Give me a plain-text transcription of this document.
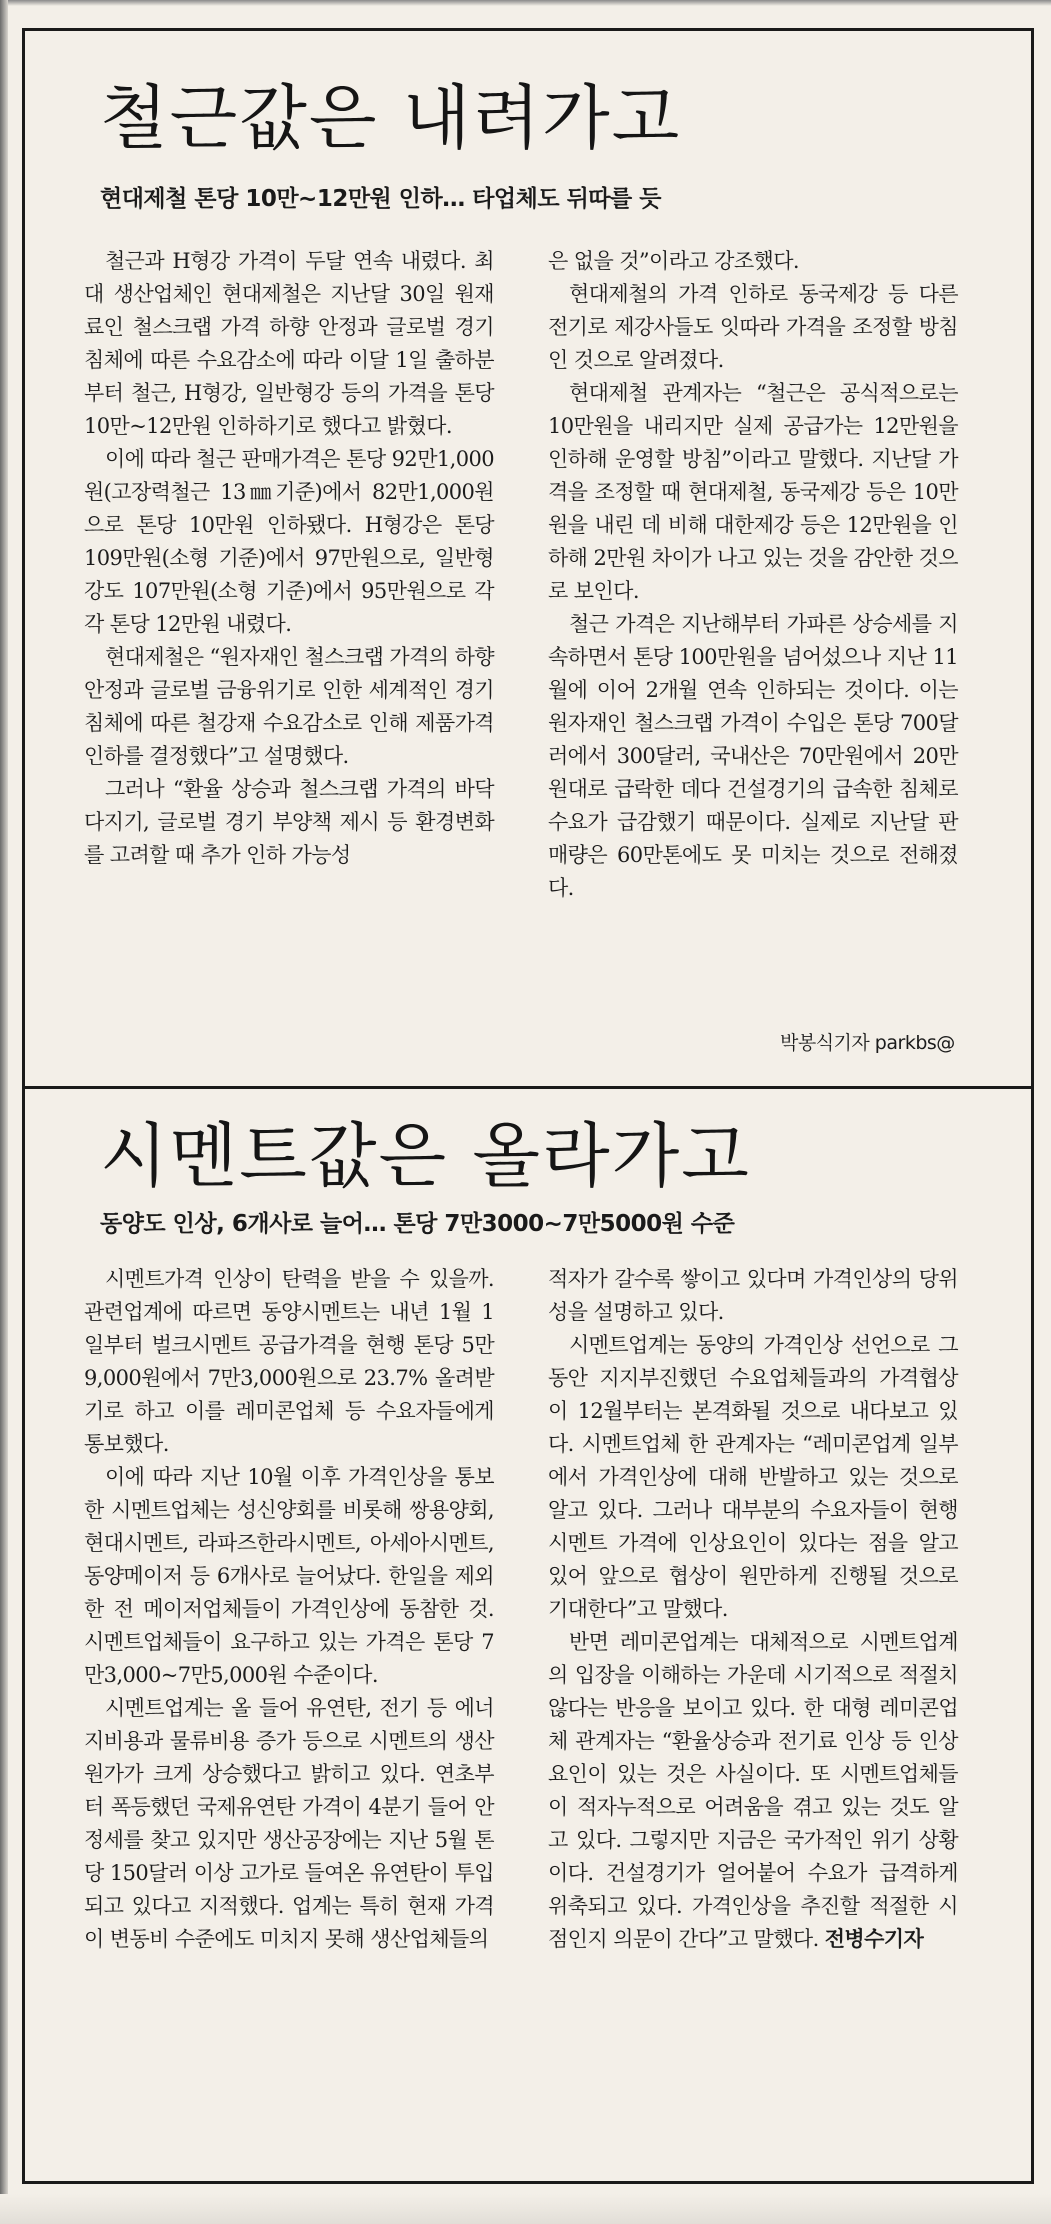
철근값은 내려가고
현대제철 톤당 10만~12만원 인하… 타업체도 뒤따를 듯

철근과 H형강 가격이 두달 연속 내렸다. 최대 생산업체인 현대제철은 지난달 30일 원재료인 철스크랩 가격 하향 안정과 글로벌 경기 침체에 따른 수요감소에 따라 이달 1일 출하분부터 철근, H형강, 일반형강 등의 가격을 톤당 10만~12만원 인하하기로 했다고 밝혔다.

이에 따라 철근 판매가격은 톤당 92만1,000원(고장력철근 13㎜기준)에서 82만1,000원으로 톤당 10만원 인하됐다. H형강은 톤당 109만원(소형 기준)에서 97만원으로, 일반형강도 107만원(소형 기준)에서 95만원으로 각각 톤당 12만원 내렸다.

현대제철은 “원자재인 철스크랩 가격의 하향 안정과 글로벌 금융위기로 인한 세계적인 경기 침체에 따른 철강재 수요감소로 인해 제품가격 인하를 결정했다”고 설명했다.

그러나 “환율 상승과 철스크랩 가격의 바닥다지기, 글로벌 경기 부양책 제시 등 환경변화를 고려할 때 추가 인하 가능성

은 없을 것”이라고 강조했다.

현대제철의 가격 인하로 동국제강 등 다른 전기로 제강사들도 잇따라 가격을 조정할 방침인 것으로 알려졌다.

현대제철 관계자는 “철근은 공식적으로는 10만원을 내리지만 실제 공급가는 12만원을 인하해 운영할 방침”이라고 말했다. 지난달 가격을 조정할 때 현대제철, 동국제강 등은 10만원을 내린 데 비해 대한제강 등은 12만원을 인하해 2만원 차이가 나고 있는 것을 감안한 것으로 보인다.

철근 가격은 지난해부터 가파른 상승세를 지속하면서 톤당 100만원을 넘어섰으나 지난 11월에 이어 2개월 연속 인하되는 것이다. 이는 원자재인 철스크랩 가격이 수입은 톤당 700달러에서 300달러, 국내산은 70만원에서 20만원대로 급락한 데다 건설경기의 급속한 침체로 수요가 급감했기 때문이다. 실제로 지난달 판매량은 60만톤에도 못 미치는 것으로 전해졌다.

박봉식기자 parkbs@
시멘트값은 올라가고
동양도 인상, 6개사로 늘어… 톤당 7만3000~7만5000원 수준

시멘트가격 인상이 탄력을 받을 수 있을까. 관련업계에 따르면 동양시멘트는 내년 1월 1일부터 벌크시멘트 공급가격을 현행 톤당 5만9,000원에서 7만3,000원으로 23.7% 올려받기로 하고 이를 레미콘업체 등 수요자들에게 통보했다.

이에 따라 지난 10월 이후 가격인상을 통보한 시멘트업체는 성신양회를 비롯해 쌍용양회, 현대시멘트, 라파즈한라시멘트, 아세아시멘트, 동양메이저 등 6개사로 늘어났다. 한일을 제외한 전 메이저업체들이 가격인상에 동참한 것. 시멘트업체들이 요구하고 있는 가격은 톤당 7만3,000~7만5,000원 수준이다.

시멘트업계는 올 들어 유연탄, 전기 등 에너지비용과 물류비용 증가 등으로 시멘트의 생산원가가 크게 상승했다고 밝히고 있다. 연초부터 폭등했던 국제유연탄 가격이 4분기 들어 안정세를 찾고 있지만 생산공장에는 지난 5월 톤당 150달러 이상 고가로 들여온 유연탄이 투입되고 있다고 지적했다. 업계는 특히 현재 가격이 변동비 수준에도 미치지 못해 생산업체들의

적자가 갈수록 쌓이고 있다며 가격인상의 당위성을 설명하고 있다.

시멘트업계는 동양의 가격인상 선언으로 그동안 지지부진했던 수요업체들과의 가격협상이 12월부터는 본격화될 것으로 내다보고 있다. 시멘트업체 한 관계자는 “레미콘업계 일부에서 가격인상에 대해 반발하고 있는 것으로 알고 있다. 그러나 대부분의 수요자들이 현행 시멘트 가격에 인상요인이 있다는 점을 알고 있어 앞으로 협상이 원만하게 진행될 것으로 기대한다”고 말했다.

반면 레미콘업계는 대체적으로 시멘트업계의 입장을 이해하는 가운데 시기적으로 적절치 않다는 반응을 보이고 있다. 한 대형 레미콘업체 관계자는 “환율상승과 전기료 인상 등 인상요인이 있는 것은 사실이다. 또 시멘트업체들이 적자누적으로 어려움을 겪고 있는 것도 알고 있다. 그렇지만 지금은 국가적인 위기 상황이다. 건설경기가 얼어붙어 수요가 급격하게 위축되고 있다. 가격인상을 추진할 적절한 시점인지 의문이 간다”고 말했다. 전병수기자
